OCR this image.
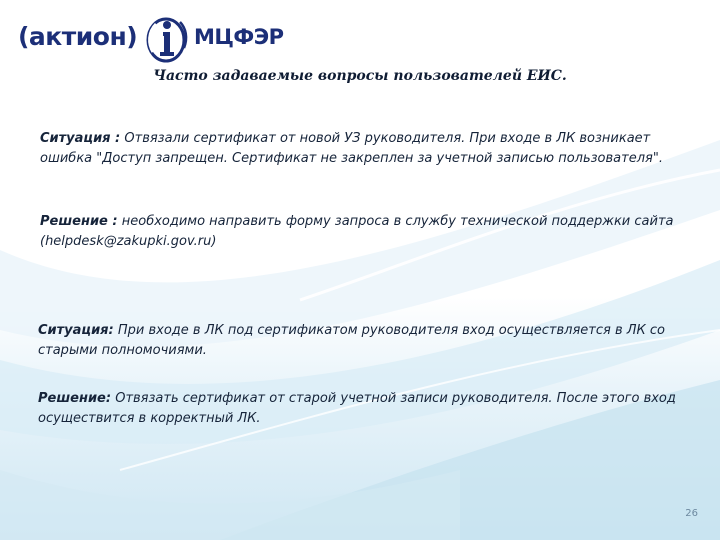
(актион)	МЦФЭР
Часто задаваемые вопросы пользователей ЕИС.

Ситуация : Отвязали сертификат от новой УЗ руководителя. При входе в ЛК возникает ошибка "Доступ запрещен. Сертификат не закреплен за учетной записью пользователя".

Решение : необходимо направить форму запроса в службу технической поддержки сайта (helpdesk@zakupki.gov.ru)

Ситуация: При входе в ЛК под сертификатом руководителя вход осуществляется в ЛК со старыми полномочиями.

Решение: Отвязать сертификат от старой учетной записи руководителя. После этого вход осуществится в корректный ЛК.

26
